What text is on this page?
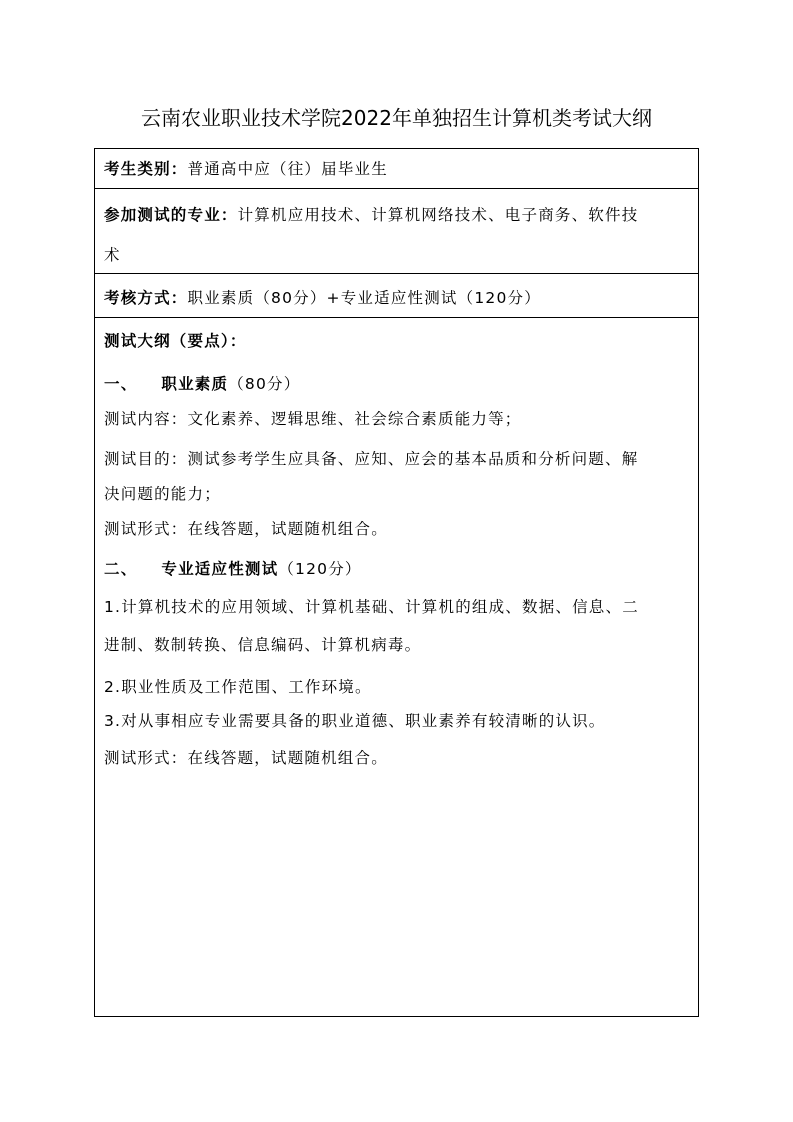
云南农业职业技术学院2022年单独招生计算机类考试大纲
考生类别：普通高中应（往）届毕业生
参加测试的专业：计算机应用技术、计算机网络技术、电子商务、软件技
术
考核方式：职业素质（80分）+专业适应性测试（120分）
测试大纲（要点）：
一、 职业素质（80分）
测试内容：文化素养、逻辑思维、社会综合素质能力等；
测试目的：测试参考学生应具备、应知、应会的基本品质和分析问题、解
决问题的能力；
测试形式：在线答题，试题随机组合。
二、 专业适应性测试（120分）
1.计算机技术的应用领域、计算机基础、计算机的组成、数据、信息、二
进制、数制转换、信息编码、计算机病毒。
2.职业性质及工作范围、工作环境。
3.对从事相应专业需要具备的职业道德、职业素养有较清晰的认识。
测试形式：在线答题，试题随机组合。
